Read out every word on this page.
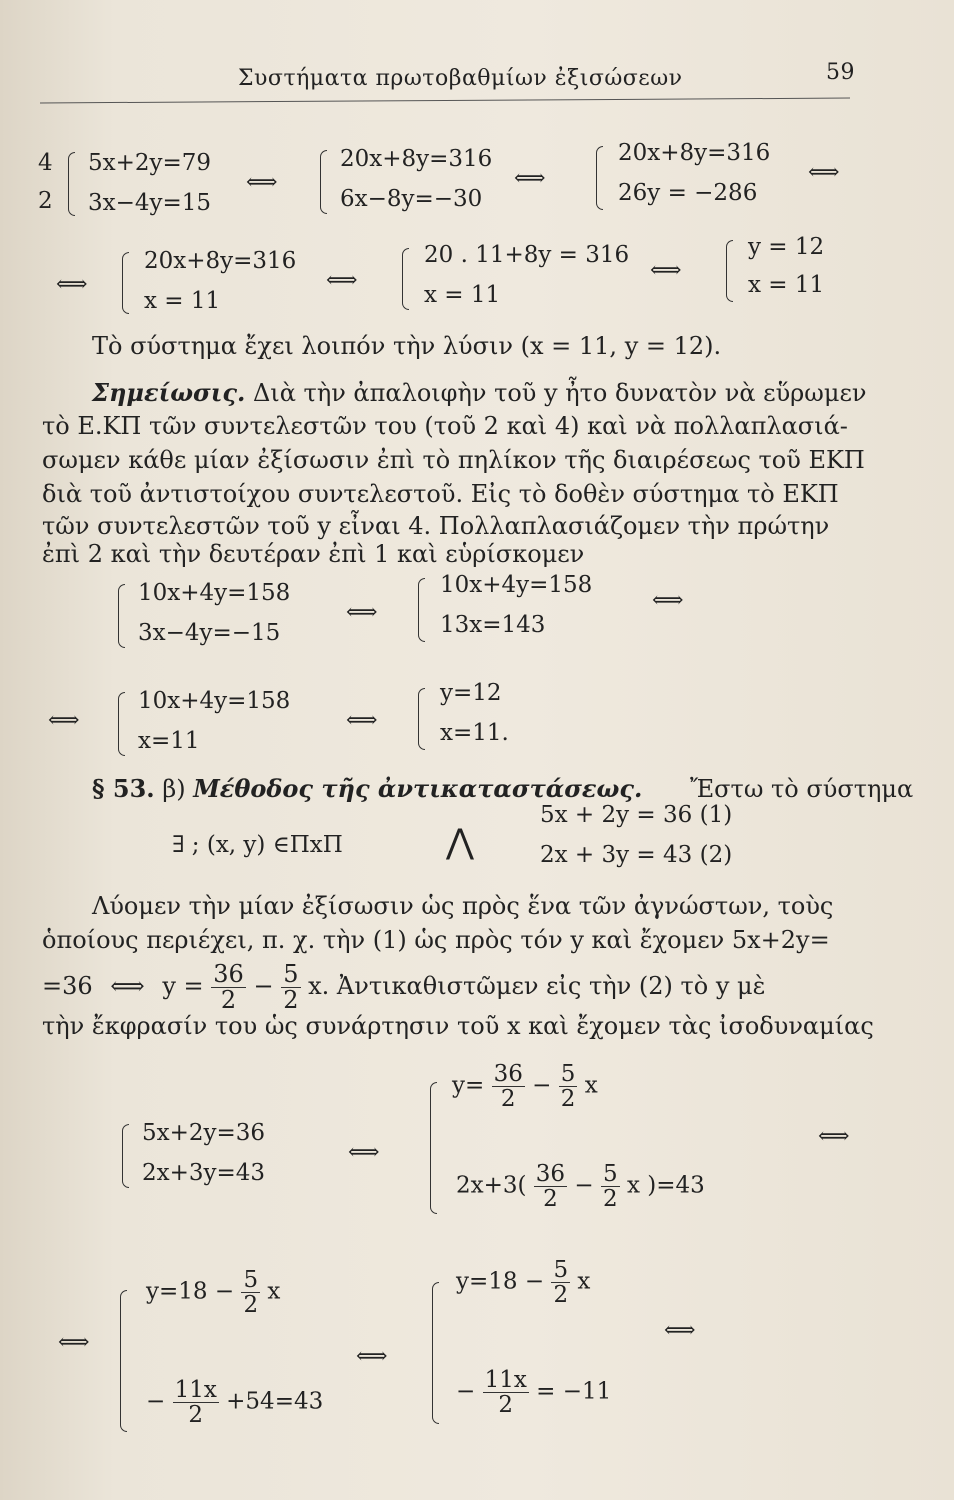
Συστήματα πρωτοβαθμίων ἐξισώσεων	59
4
2
5x+2y=79
3x−4y=15
⟺
20x+8y=316
6x−8y=−30
⟺
20x+8y=316
26y = −286
⟺
⟺
20x+8y=316
x = 11
⟺
20 . 11+8y = 316
x = 11
⟺
y = 12
x = 11
Τὸ σύστημα ἔχει λοιπόν τὴν λύσιν (x = 11, y = 12).
Σημείωσις. Διὰ τὴν ἀπαλοιφὴν τοῦ y ἦτο δυνατὸν νὰ εὕρωμεν
τὸ Ε.ΚΠ τῶν συντελεστῶν του (τοῦ 2 καὶ 4) καὶ νὰ πολλαπλασιά-
σωμεν κάθε μίαν ἐξίσωσιν ἐπὶ τὸ πηλίκον τῆς διαιρέσεως τοῦ ΕΚΠ
διὰ τοῦ ἀντιστοίχου συντελεστοῦ. Εἰς τὸ δοθὲν σύστημα τὸ ΕΚΠ
τῶν συντελεστῶν τοῦ y εἶναι 4. Πολλαπλασιάζομεν τὴν πρώτην
ἐπὶ 2 καὶ τὴν δευτέραν ἐπὶ 1 καὶ εὑρίσκομεν
10x+4y=158
3x−4y=−15
⟺
10x+4y=158
13x=143
⟺
⟺
10x+4y=158
x=11
⟺
y=12
x=11.
§ 53. β) Μέθοδος τῆς ἀντικαταστάσεως. Ἔστω τὸ σύστημα
∃ ; (x, y) ∈ΠxΠ	⋀
5x + 2y = 36 (1)
2x + 3y = 43 (2)
Λύομεν τὴν μίαν ἐξίσωσιν ὡς πρὸς ἕνα τῶν ἀγνώστων, τοὺς
ὁποίους περιέχει, π. χ. τὴν (1) ὡς πρὸς τόν y καὶ ἔχομεν 5x+2y=
=36 ⟺ $y = \frac{36}{2} - \frac{5}{2} x$. Ἀντικαθιστῶμεν εἰς τὴν (2) τὸ y μὲ
τὴν ἔκφρασίν του ὡς συνάρτησιν τοῦ x καὶ ἔχομεν τὰς ἰσοδυναμίας
5x+2y=36
2x+3y=43
⟺
$y= \frac{36}{2} - \frac{5}{2}$ x
$2x+3( \frac{36}{2} - \frac{5}{2}$ x )=43
⟺
⟺
$y=18 - \frac{5}{2}$ x
− $\frac{11x}{2} +54=43$
⟺
$y=18 - \frac{5}{2}$ x
− $\frac{11x}{2} = -11$
⟺
